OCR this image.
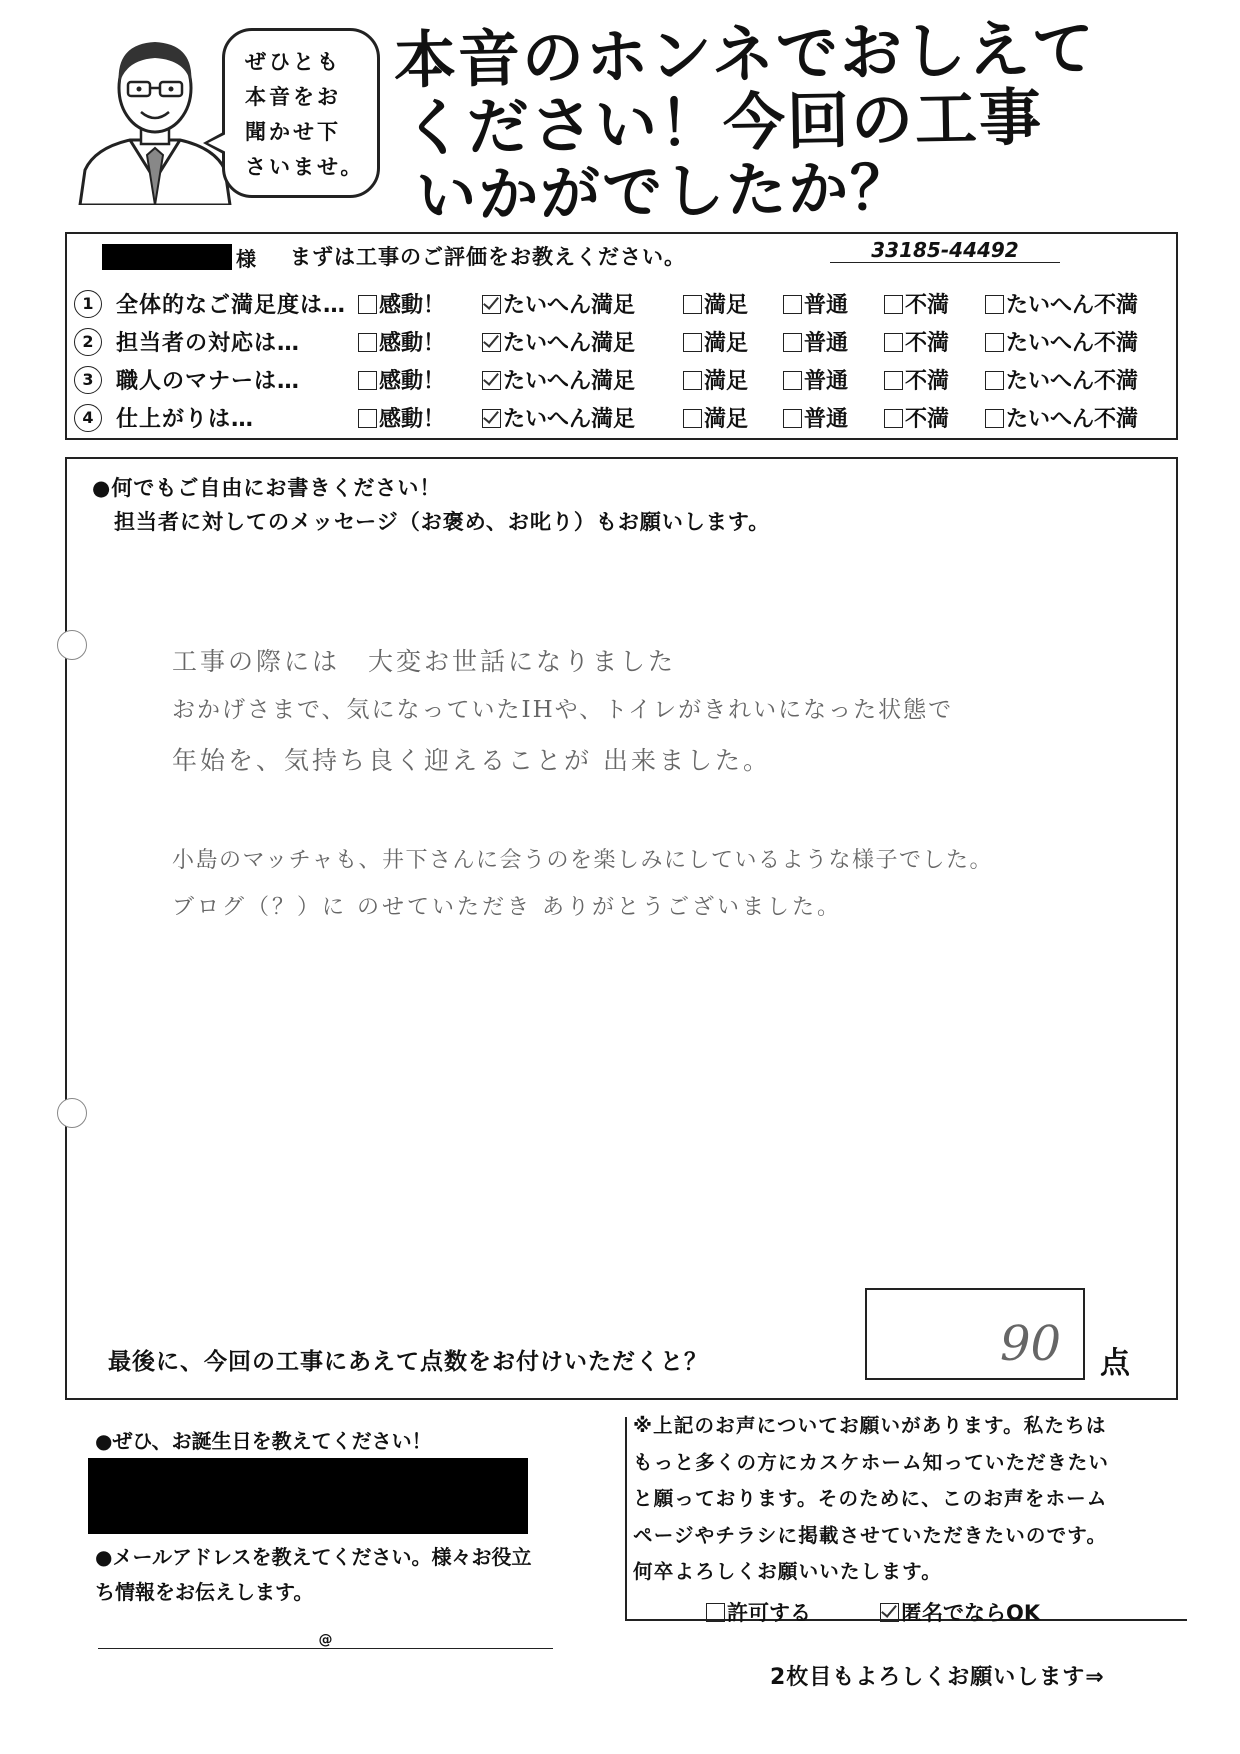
ぜひとも
本音をお
聞かせ下
さいませ。
本音のホンネでおしえて
ください！今回の工事
いかがでしたか？
様 まずは工事のご評価をお教えください。	33185-44492
1	全体的なご満足度は…	感動！	たいへん満足	満足	普通	不満	たいへん不満
2	担当者の対応は…	感動！	たいへん満足	満足	普通	不満	たいへん不満
3	職人のマナーは…	感動！	たいへん満足	満足	普通	不満	たいへん不満
4	仕上がりは…	感動！	たいへん満足	満足	普通	不満	たいへん不満
●何でもご自由にお書きください！
担当者に対してのメッセージ（お褒め、お叱り）もお願いします。
工事の際には　大変お世話になりました
おかげさまで、気になっていたIHや、トイレがきれいになった状態で
年始を、気持ち良く迎えることが 出来ました。
小島のマッチャも、井下さんに会うのを楽しみにしているような様子でした。
ブログ（？）に のせていただき ありがとうございました。
最後に、今回の工事にあえて点数をお付けいただくと？	90 点
●ぜひ、お誕生日を教えてください！
●メールアドレスを教えてください。様々お役立
ち情報をお伝えします。
@
※上記のお声についてお願いがあります。私たちは
もっと多くの方にカスケホーム知っていただきたい
と願っております。そのために、このお声をホーム
ページやチラシに掲載させていただきたいのです。
何卒よろしくお願いいたします。
許可する	匿名でならOK
2枚目もよろしくお願いします⇒
